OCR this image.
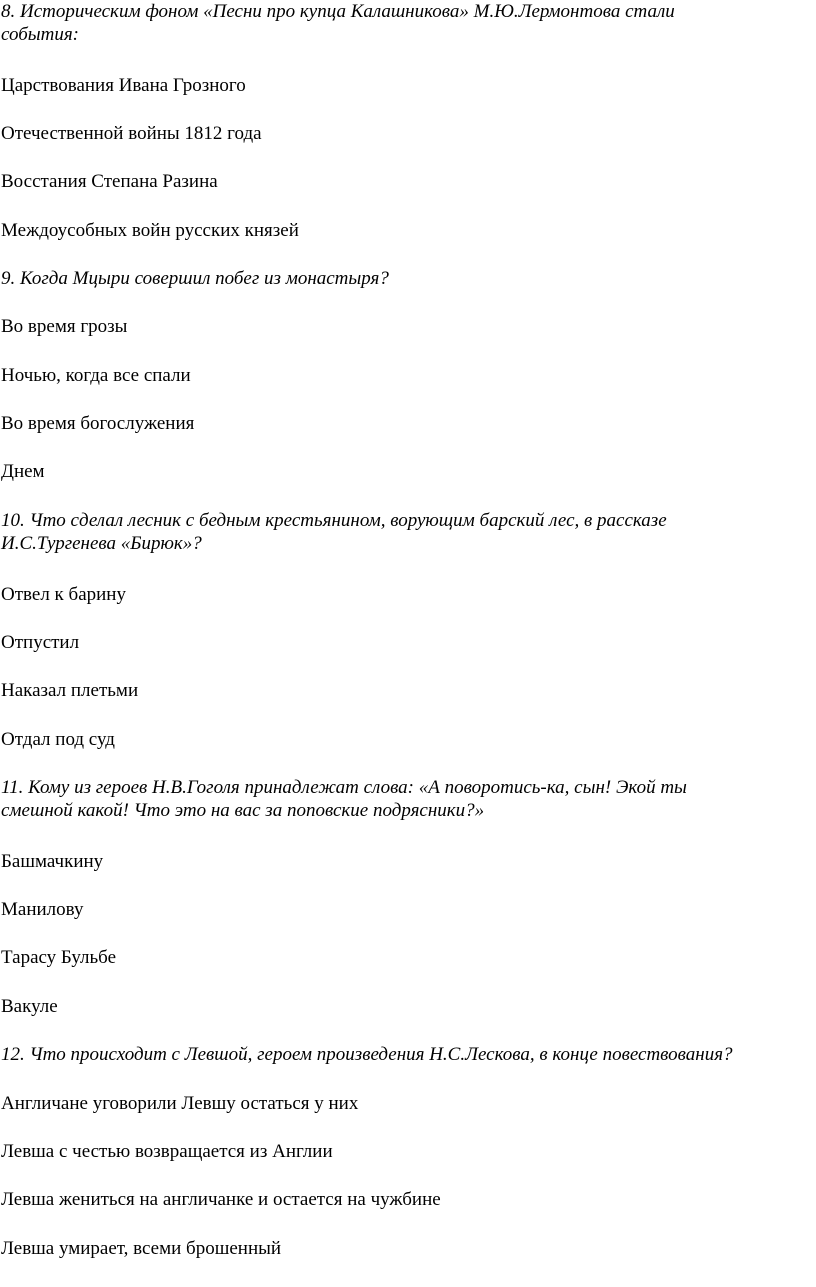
8. Историческим фоном «Песни про купца Калашникова» М.Ю.Лермонтова стали
события:
Царствования Ивана Грозного
Отечественной войны 1812 года
Восстания Степана Разина
Междоусобных войн русских князей
9. Когда Мцыри совершил побег из монастыря?
Во время грозы
Ночью, когда все спали
Во время богослужения
Днем
10. Что сделал лесник с бедным крестьянином, ворующим барский лес, в рассказе
И.С.Тургенева «Бирюк»?
Отвел к барину
Отпустил
Наказал плетьми
Отдал под суд
11. Кому из героев Н.В.Гоголя принадлежат слова: «А поворотись-ка, сын! Экой ты
смешной какой! Что это на вас за поповские подрясники?»
Башмачкину
Манилову
Тарасу Бульбе
Вакуле
12. Что происходит с Левшой, героем произведения Н.С.Лескова, в конце повествования?
Англичане уговорили Левшу остаться у них
Левша с честью возвращается из Англии
Левша жениться на англичанке и остается на чужбине
Левша умирает, всеми брошенный
